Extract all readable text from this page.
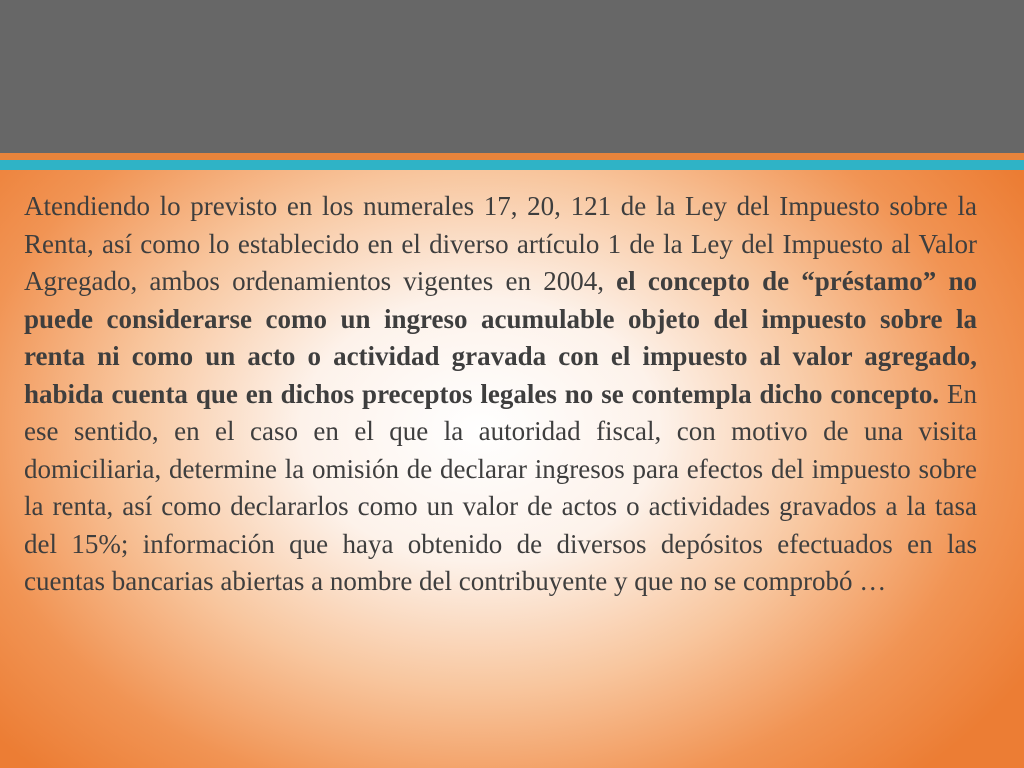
Atendiendo lo previsto en los numerales 17, 20, 121 de la Ley del Impuesto sobre la Renta, así como lo establecido en el diverso artículo 1 de la Ley del Impuesto al Valor Agregado, ambos ordenamientos vigentes en 2004, el concepto de “préstamo” no puede considerarse como un ingreso acumulable objeto del impuesto sobre la renta ni como un acto o actividad gravada con el impuesto al valor agregado, habida cuenta que en dichos preceptos legales no se contempla dicho concepto. En ese sentido, en el caso en el que la autoridad fiscal, con motivo de una visita domiciliaria, determine la omisión de declarar ingresos para efectos del impuesto sobre la renta, así como declararlos como un valor de actos o actividades gravados a la tasa del 15%; información que haya obtenido de diversos depósitos efectuados en las cuentas bancarias abiertas a nombre del contribuyente y que no se comprobó …
